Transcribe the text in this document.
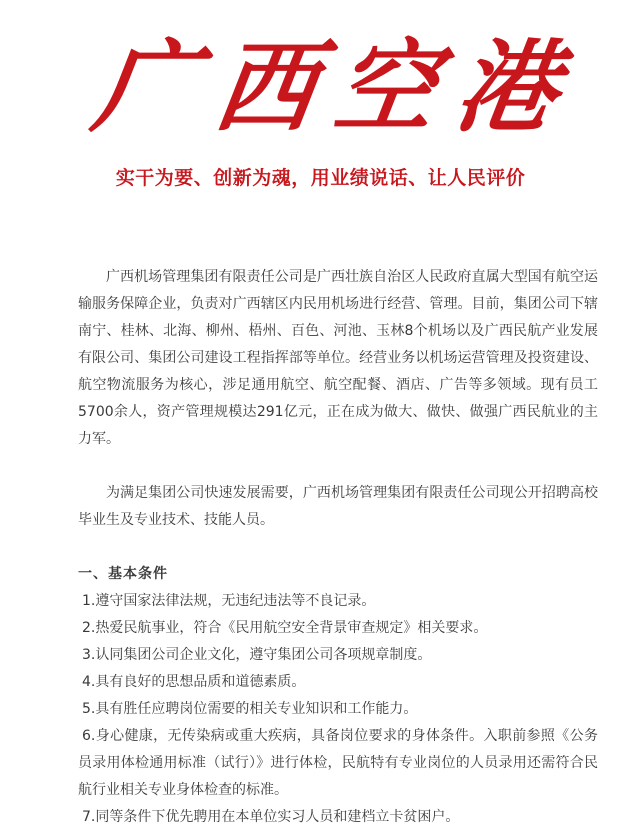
广 西 空 港
实干为要、创新为魂，用业绩说话、让人民评价

广西机场管理集团有限责任公司是广西壮族自治区人民政府直属大型国有航空运输服务保障企业，负责对广西辖区内民用机场进行经营、管理。目前，集团公司下辖南宁、桂林、北海、柳州、梧州、百色、河池、玉林8个机场以及广西民航产业发展有限公司、集团公司建设工程指挥部等单位。经营业务以机场运营管理及投资建设、航空物流服务为核心，涉足通用航空、航空配餐、酒店、广告等多领域。现有员工5700余人，资产管理规模达291亿元，正在成为做大、做快、做强广西民航业的主力军。

为满足集团公司快速发展需要，广西机场管理集团有限责任公司现公开招聘高校毕业生及专业技术、技能人员。

一、基本条件

1.遵守国家法律法规，无违纪违法等不良记录。

2.热爱民航事业，符合《民用航空安全背景审查规定》相关要求。

3.认同集团公司企业文化，遵守集团公司各项规章制度。

4.具有良好的思想品质和道德素质。

5.具有胜任应聘岗位需要的相关专业知识和工作能力。

6.身心健康，无传染病或重大疾病，具备岗位要求的身体条件。入职前参照《公务员录用体检通用标准（试行）》进行体检，民航特有专业岗位的人员录用还需符合民航行业相关专业身体检查的标准。

7.同等条件下优先聘用在本单位实习人员和建档立卡贫困户。
